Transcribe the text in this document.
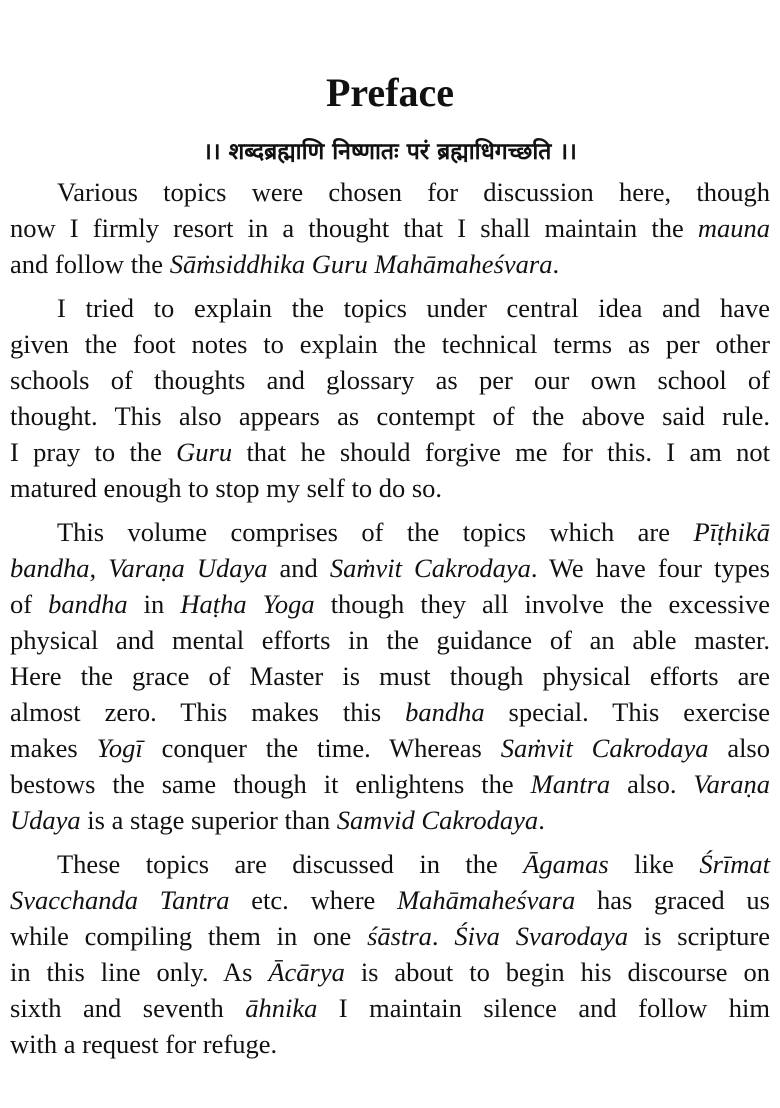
Preface
।। शब्दब्रह्माणि निष्णातः परं ब्रह्माधिगच्छति ।।
Various topics were chosen for discussion here, though
now I firmly resort in a thought that I shall maintain the mauna
and follow the Sāṁsiddhika Guru Mahāmaheśvara.
I tried to explain the topics under central idea and have
given the foot notes to explain the technical terms as per other
schools of thoughts and glossary as per our own school of
thought. This also appears as contempt of the above said rule.
I pray to the Guru that he should forgive me for this. I am not
matured enough to stop my self to do so.
This volume comprises of the topics which are Pīṭhikā
bandha, Varaṇa Udaya and Saṁvit Cakrodaya. We have four types
of bandha in Haṭha Yoga though they all involve the excessive
physical and mental efforts in the guidance of an able master.
Here the grace of Master is must though physical efforts are
almost zero. This makes this bandha special. This exercise
makes Yogī conquer the time. Whereas Saṁvit Cakrodaya also
bestows the same though it enlightens the Mantra also. Varaṇa
Udaya is a stage superior than Samvid Cakrodaya.
These topics are discussed in the Āgamas like Śrīmat
Svacchanda Tantra etc. where Mahāmaheśvara has graced us
while compiling them in one śāstra. Śiva Svarodaya is scripture
in this line only. As Ācārya is about to begin his discourse on
sixth and seventh āhnika I maintain silence and follow him
with a request for refuge.
